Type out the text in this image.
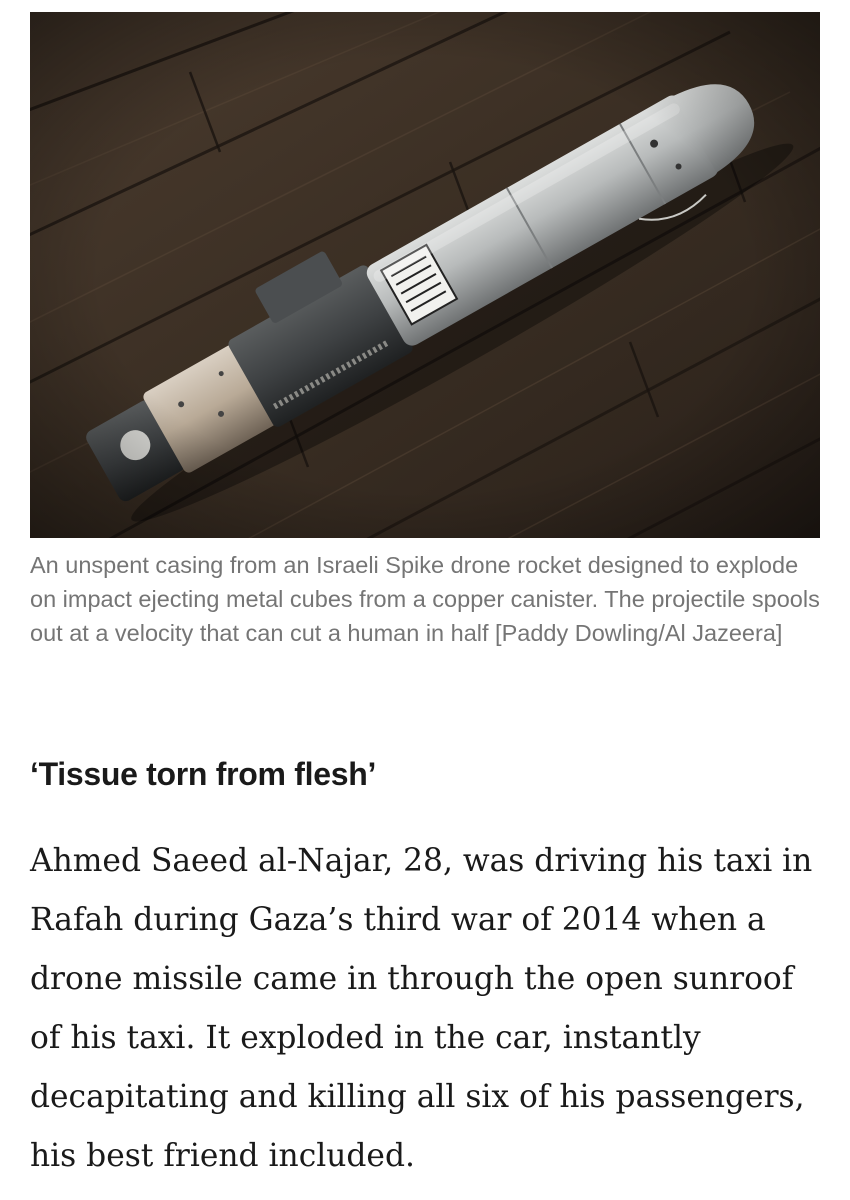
An unspent casing from an Israeli Spike drone rocket designed to explode on impact ejecting metal cubes from a copper canister. The projectile spools out at a velocity that can cut a human in half [Paddy Dowling/Al Jazeera]

‘Tissue torn from flesh’

Ahmed Saeed al-Najar, 28, was driving his taxi in Rafah during Gaza’s third war of 2014 when a drone missile came in through the open sunroof of his taxi. It exploded in the car, instantly decapitating and killing all six of his passengers, his best friend included.
